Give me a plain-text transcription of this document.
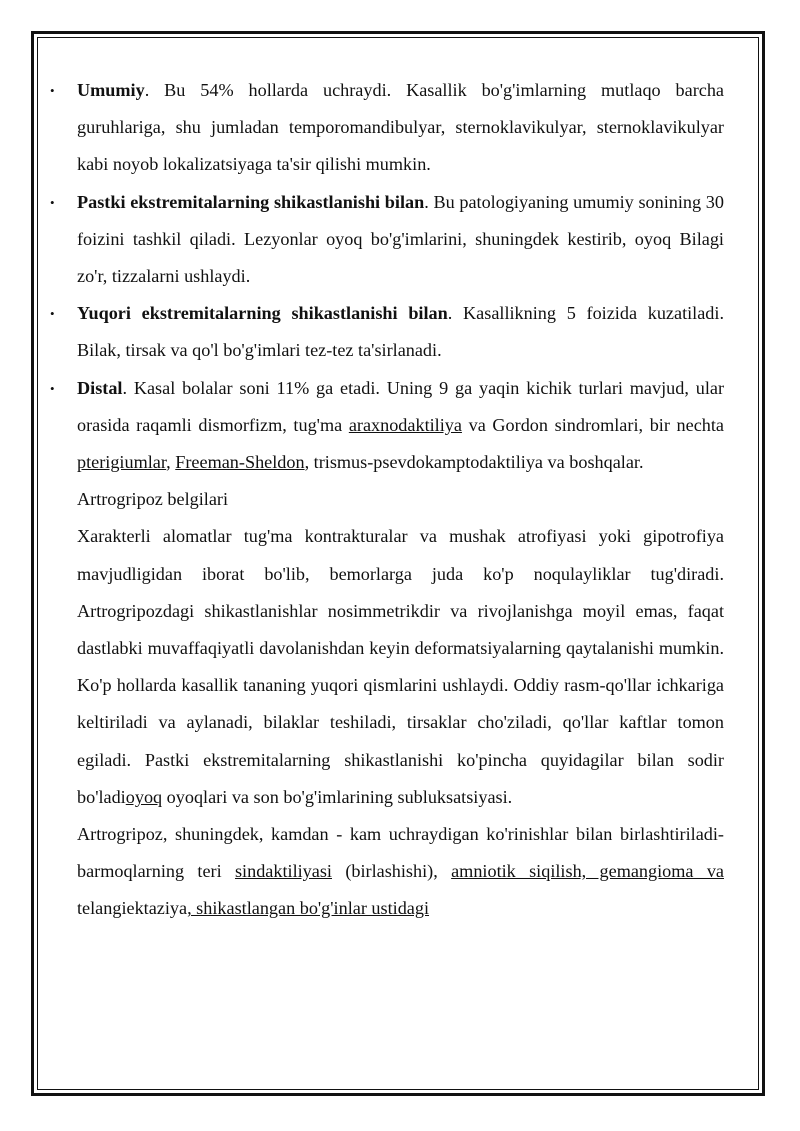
• Umumiy. Bu 54% hollarda uchraydi. Kasallik bo'g'imlarning mutlaqo barcha guruhlariga, shu jumladan temporomandibulyar, sternoklavikulyar, sternoklavikulyar kabi noyob lokalizatsiyaga ta'sir qilishi mumkin.

• Pastki ekstremitalarning shikastlanishi bilan. Bu patologiyaning umumiy sonining 30 foizini tashkil qiladi. Lezyonlar oyoq bo'g'imlarini, shuningdek kestirib, oyoq Bilagi zo'r, tizzalarni ushlaydi.

• Yuqori ekstremitalarning shikastlanishi bilan. Kasallikning 5 foizida kuzatiladi. Bilak, tirsak va qo'l bo'g'imlari tez-tez ta'sirlanadi.

• Distal. Kasal bolalar soni 11% ga etadi. Uning 9 ga yaqin kichik turlari mavjud, ular orasida raqamli dismorfizm, tug'ma araxnodaktiliya va Gordon sindromlari, bir nechta pterigiumlar, Freeman-Sheldon, trismus-psevdokamptodaktiliya va boshqalar.

Artrogripoz belgilari

Xarakterli alomatlar tug'ma kontrakturalar va mushak atrofiyasi yoki gipotrofiya mavjudligidan iborat bo'lib, bemorlarga juda ko'p noqulayliklar tug'diradi. Artrogripozdagi shikastlanishlar nosimmetrikdir va rivojlanishga moyil emas, faqat dastlabki muvaffaqiyatli davolanishdan keyin deformatsiyalarning qaytalanishi mumkin. Ko'p hollarda kasallik tananing yuqori qismlarini ushlaydi. Oddiy rasm-qo'llar ichkariga keltiriladi va aylanadi, bilaklar teshiladi, tirsaklar cho'ziladi, qo'llar kaftlar tomon egiladi. Pastki ekstremitalarning shikastlanishi ko'pincha quyidagilar bilan sodir bo'ladioyoq oyoqlari va son bo'g'imlarining subluksatsiyasi.

Artrogripoz, shuningdek, kamdan - kam uchraydigan ko'rinishlar bilan birlashtiriladi-barmoqlarning teri sindaktiliyasi (birlashishi), amniotik siqilish, gemangioma va telangiektaziya, shikastlangan bo'g'inlar ustidagi
